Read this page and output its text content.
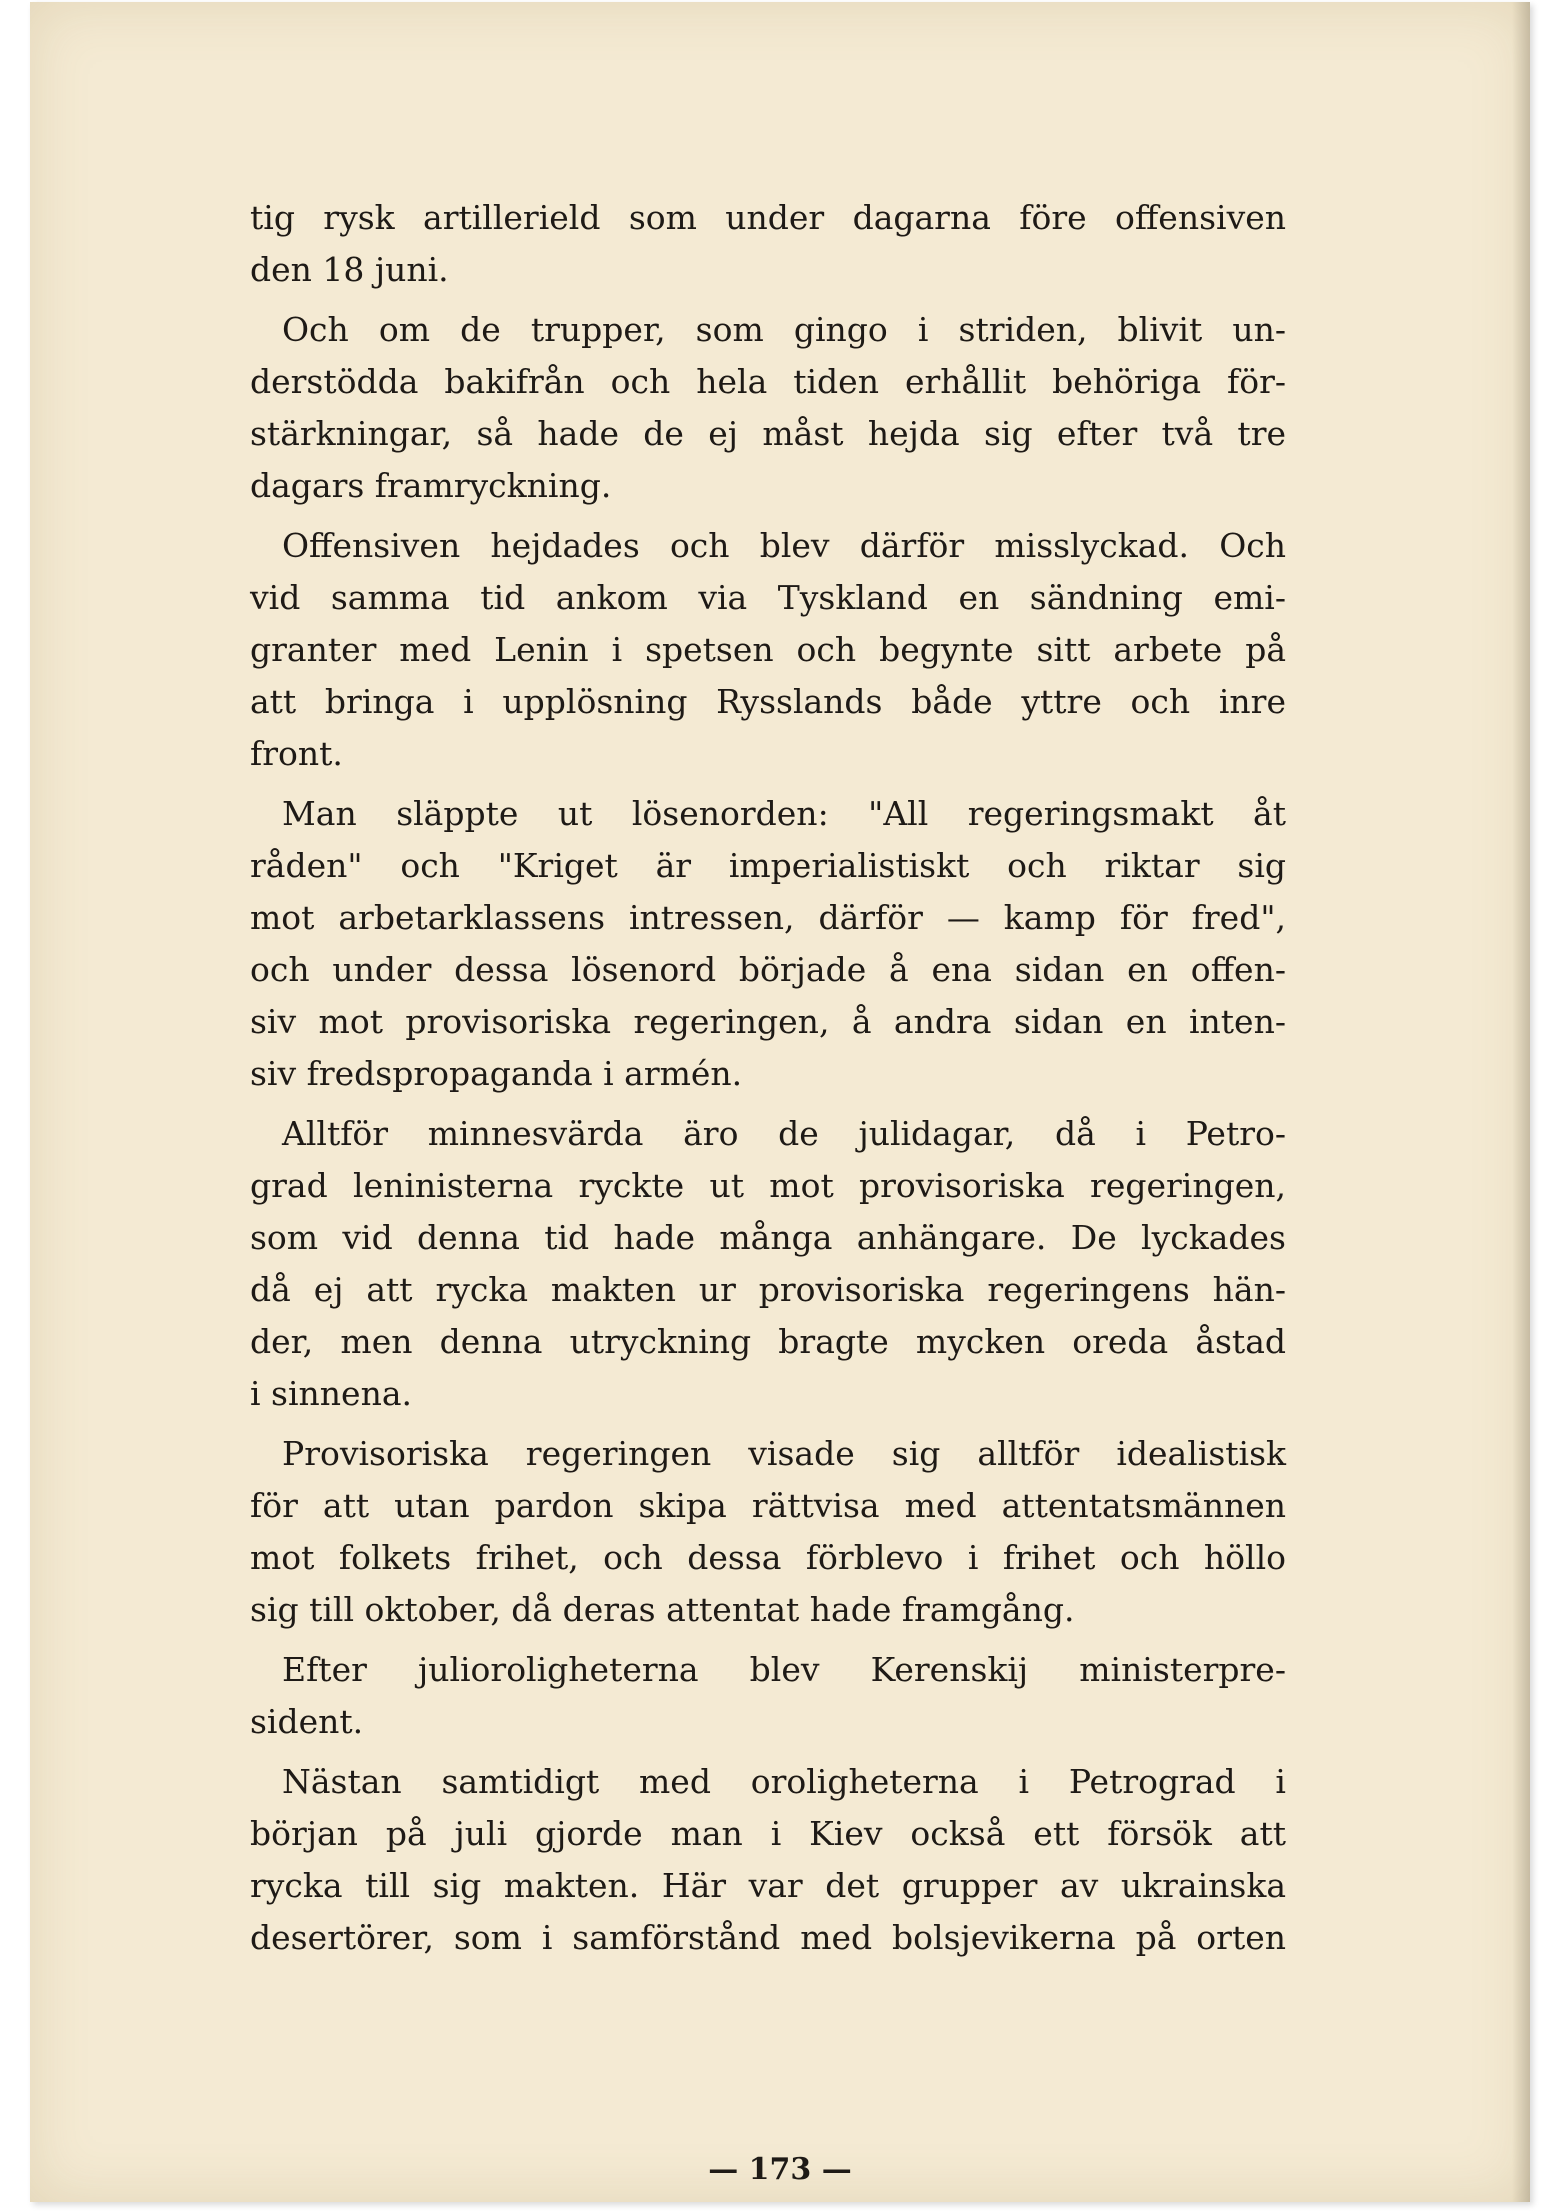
tig rysk artillerield som under dagarna före offensiven
den 18 juni.
Och om de trupper, som gingo i striden, blivit un-
derstödda bakifrån och hela tiden erhållit behöriga för-
stärkningar, så hade de ej måst hejda sig efter två tre
dagars framryckning.
Offensiven hejdades och blev därför misslyckad. Och
vid samma tid ankom via Tyskland en sändning emi-
granter med Lenin i spetsen och begynte sitt arbete på
att bringa i upplösning Rysslands både yttre och inre
front.
Man släppte ut lösenorden: "All regeringsmakt åt
råden" och "Kriget är imperialistiskt och riktar sig
mot arbetarklassens intressen, därför — kamp för fred",
och under dessa lösenord började å ena sidan en offen-
siv mot provisoriska regeringen, å andra sidan en inten-
siv fredspropaganda i armén.
Alltför minnesvärda äro de julidagar, då i Petro-
grad leninisterna ryckte ut mot provisoriska regeringen,
som vid denna tid hade många anhängare. De lyckades
då ej att rycka makten ur provisoriska regeringens hän-
der, men denna utryckning bragte mycken oreda åstad
i sinnena.
Provisoriska regeringen visade sig alltför idealistisk
för att utan pardon skipa rättvisa med attentatsmännen
mot folkets frihet, och dessa förblevo i frihet och höllo
sig till oktober, då deras attentat hade framgång.
Efter julioroligheterna blev Kerenskij ministerpre-
sident.
Nästan samtidigt med oroligheterna i Petrograd i
början på juli gjorde man i Kiev också ett försök att
rycka till sig makten. Här var det grupper av ukrainska
desertörer, som i samförstånd med bolsjevikerna på orten
— 173 —
